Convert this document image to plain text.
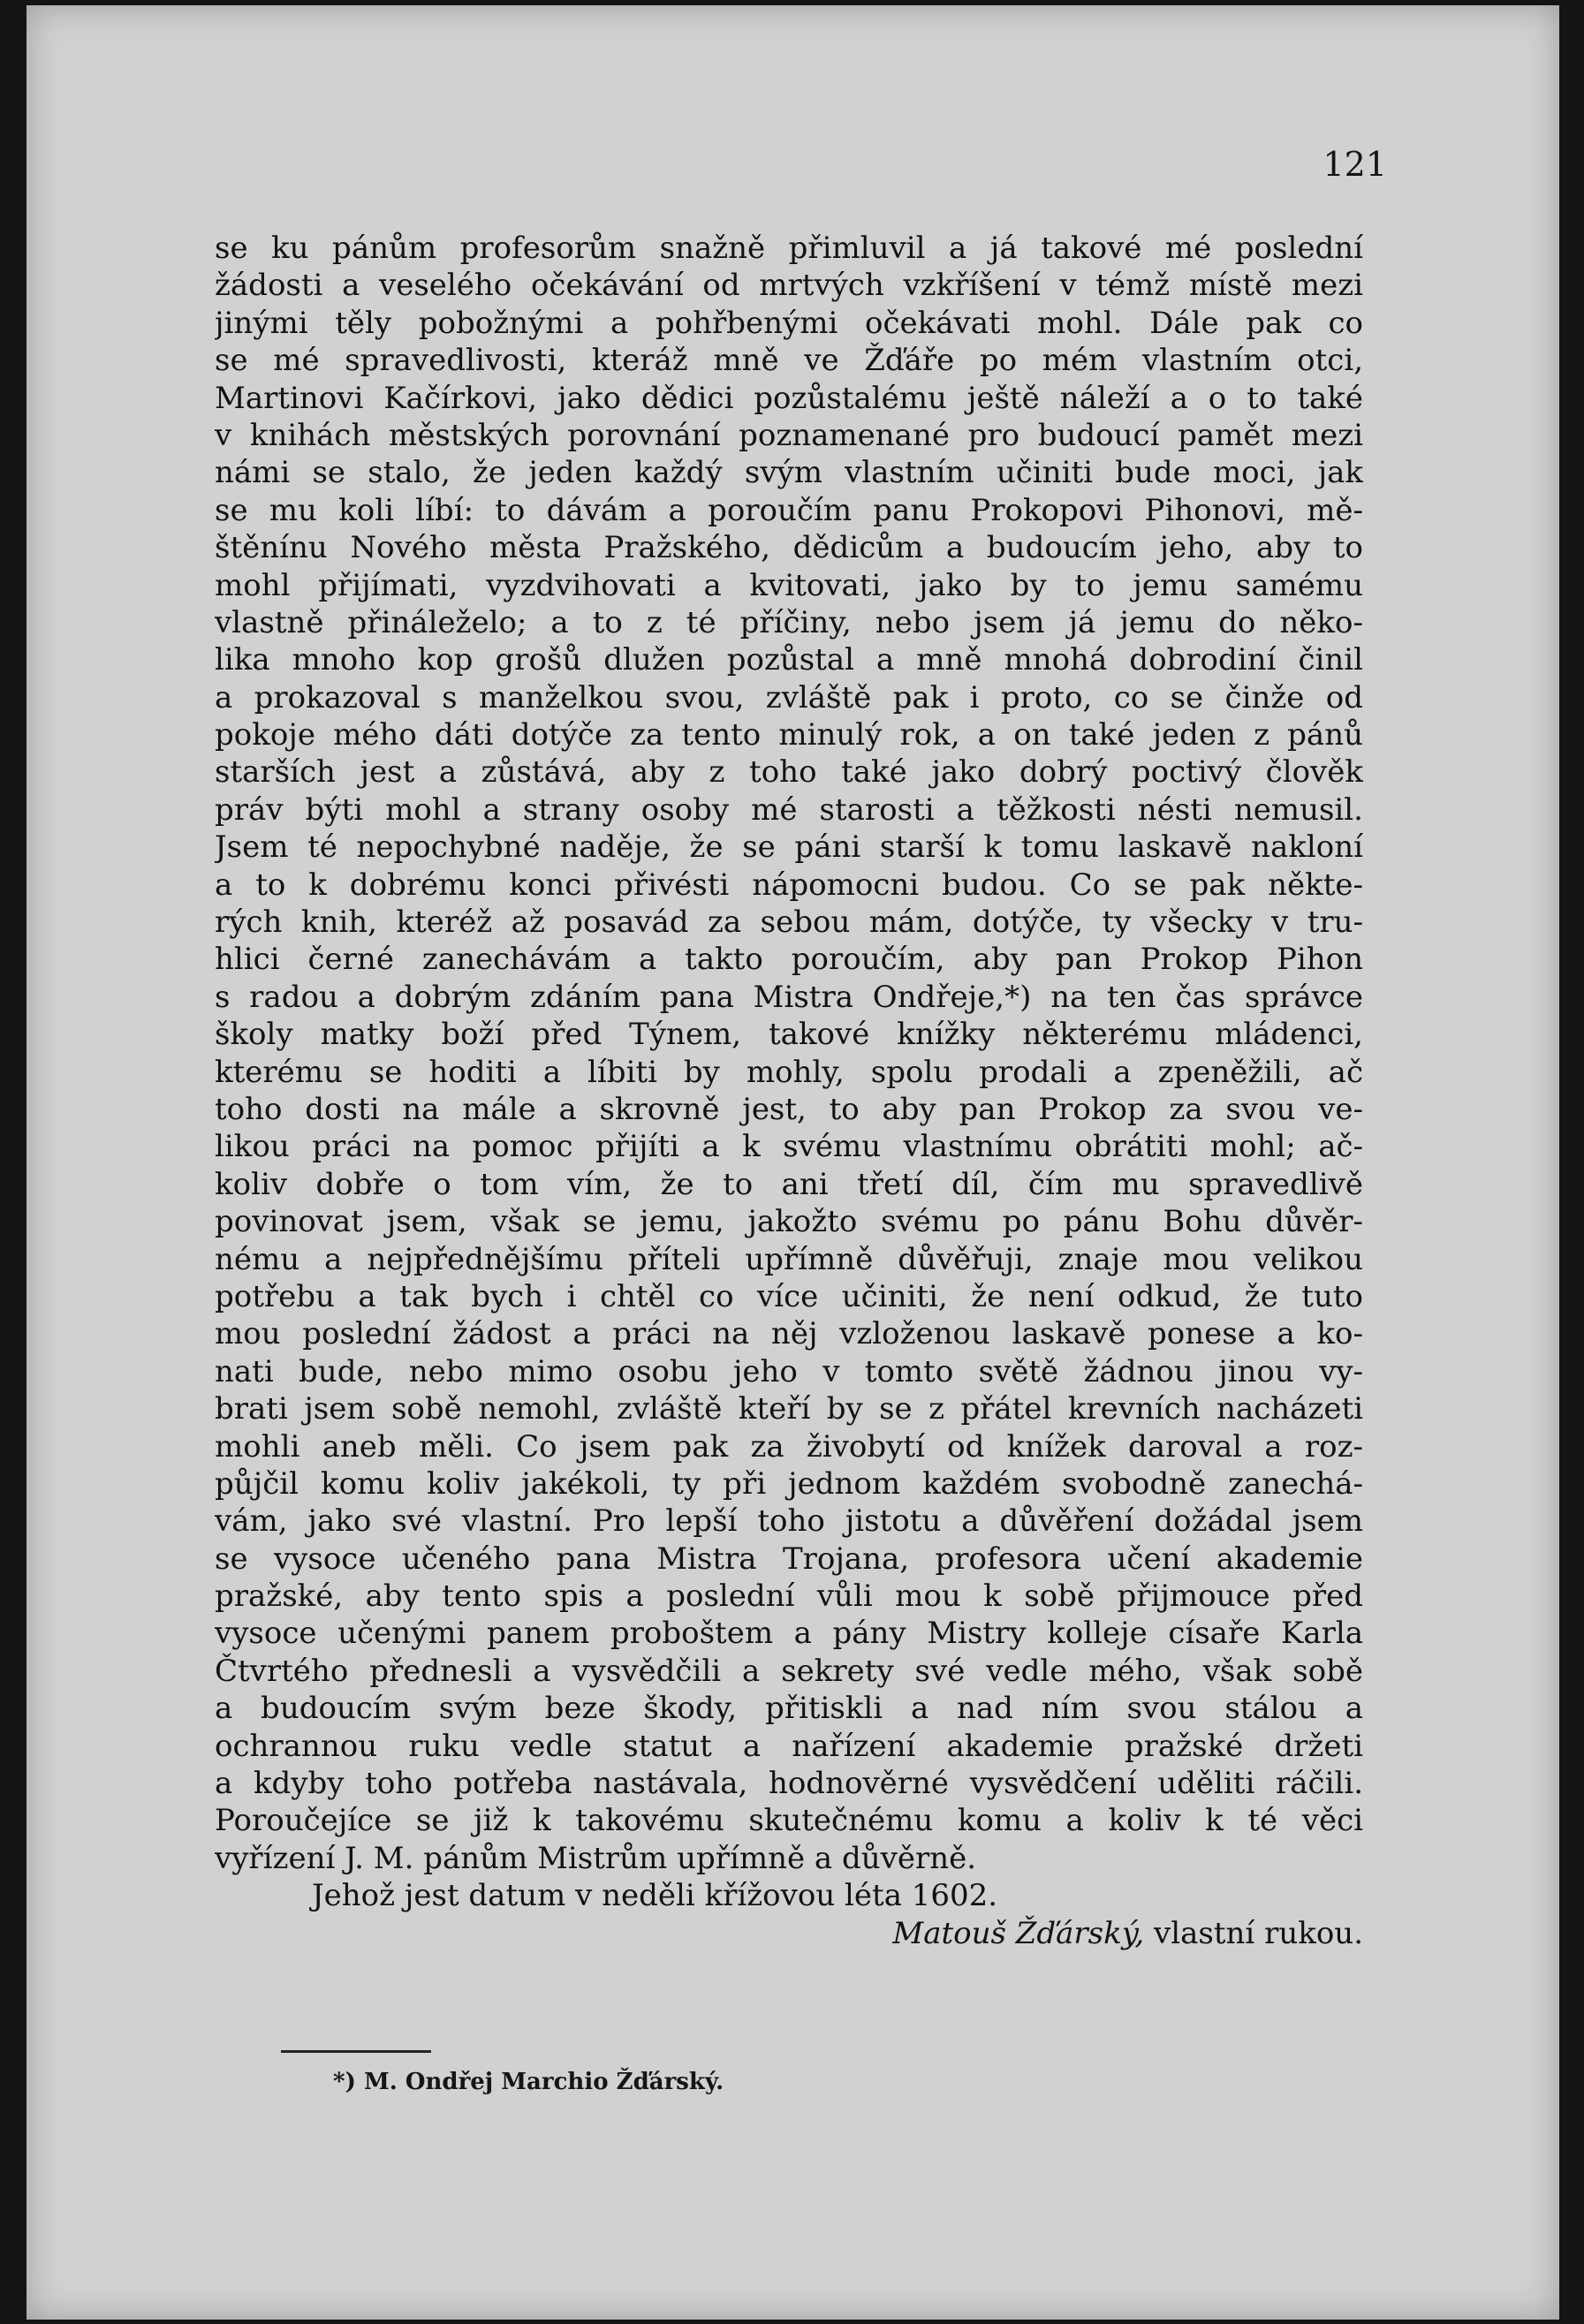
121
se ku pánům profesorům snažně přimluvil a já takové mé poslední
žádosti a veselého očekávání od mrtvých vzkříšení v témž místě mezi
jinými těly pobožnými a pohřbenými očekávati mohl. Dále pak co
se mé spravedlivosti, kteráž mně ve Žďáře po mém vlastním otci,
Martinovi Kačírkovi, jako dědici pozůstalému ještě náleží a o to také
v knihách městských porovnání poznamenané pro budoucí pamět mezi
námi se stalo, že jeden každý svým vlastním učiniti bude moci, jak
se mu koli líbí: to dávám a poroučím panu Prokopovi Pihonovi, mě-
štěnínu Nového města Pražského, dědicům a budoucím jeho, aby to
mohl přijímati, vyzdvihovati a kvitovati, jako by to jemu samému
vlastně přináleželo; a to z té příčiny, nebo jsem já jemu do něko-
lika mnoho kop grošů dlužen pozůstal a mně mnohá dobrodiní činil
a prokazoval s manželkou svou, zvláště pak i proto, co se činže od
pokoje mého dáti dotýče za tento minulý rok, a on také jeden z pánů
starších jest a zůstává, aby z toho také jako dobrý poctivý člověk
práv býti mohl a strany osoby mé starosti a těžkosti nésti nemusil.
Jsem té nepochybné naděje, že se páni starší k tomu laskavě nakloní
a to k dobrému konci přivésti nápomocni budou. Co se pak někte-
rých knih, kteréž až posavád za sebou mám, dotýče, ty všecky v tru-
hlici černé zanechávám a takto poroučím, aby pan Prokop Pihon
s radou a dobrým zdáním pana Mistra Ondřeje,*) na ten čas správce
školy matky boží před Týnem, takové knížky některému mládenci,
kterému se hoditi a líbiti by mohly, spolu prodali a zpeněžili, ač
toho dosti na mále a skrovně jest, to aby pan Prokop za svou ve-
likou práci na pomoc přijíti a k svému vlastnímu obrátiti mohl; ač-
koliv dobře o tom vím, že to ani třetí díl, čím mu spravedlivě
povinovat jsem, však se jemu, jakožto svému po pánu Bohu důvěr-
nému a nejpřednějšímu příteli upřímně důvěřuji, znaje mou velikou
potřebu a tak bych i chtěl co více učiniti, že není odkud, že tuto
mou poslední žádost a práci na něj vzloženou laskavě ponese a ko-
nati bude, nebo mimo osobu jeho v tomto světě žádnou jinou vy-
brati jsem sobě nemohl, zvláště kteří by se z přátel krevních nacházeti
mohli aneb měli. Co jsem pak za živobytí od knížek daroval a roz-
půjčil komu koliv jakékoli, ty při jednom každém svobodně zanechá-
vám, jako své vlastní. Pro lepší toho jistotu a důvěření dožádal jsem
se vysoce učeného pana Mistra Trojana, profesora učení akademie
pražské, aby tento spis a poslední vůli mou k sobě přijmouce před
vysoce učenými panem proboštem a pány Mistry kolleje císaře Karla
Čtvrtého přednesli a vysvědčili a sekrety své vedle mého, však sobě
a budoucím svým beze škody, přitiskli a nad ním svou stálou a
ochrannou ruku vedle statut a nařízení akademie pražské držeti
a kdyby toho potřeba nastávala, hodnověrné vysvědčení uděliti ráčili.
Poroučejíce se již k takovému skutečnému komu a koliv k té věci
vyřízení J. M. pánům Mistrům upřímně a důvěrně.
Jehož jest datum v neděli křížovou léta 1602.
Matouš Žďárský, vlastní rukou.
*) M. Ondřej Marchio Žďárský.
